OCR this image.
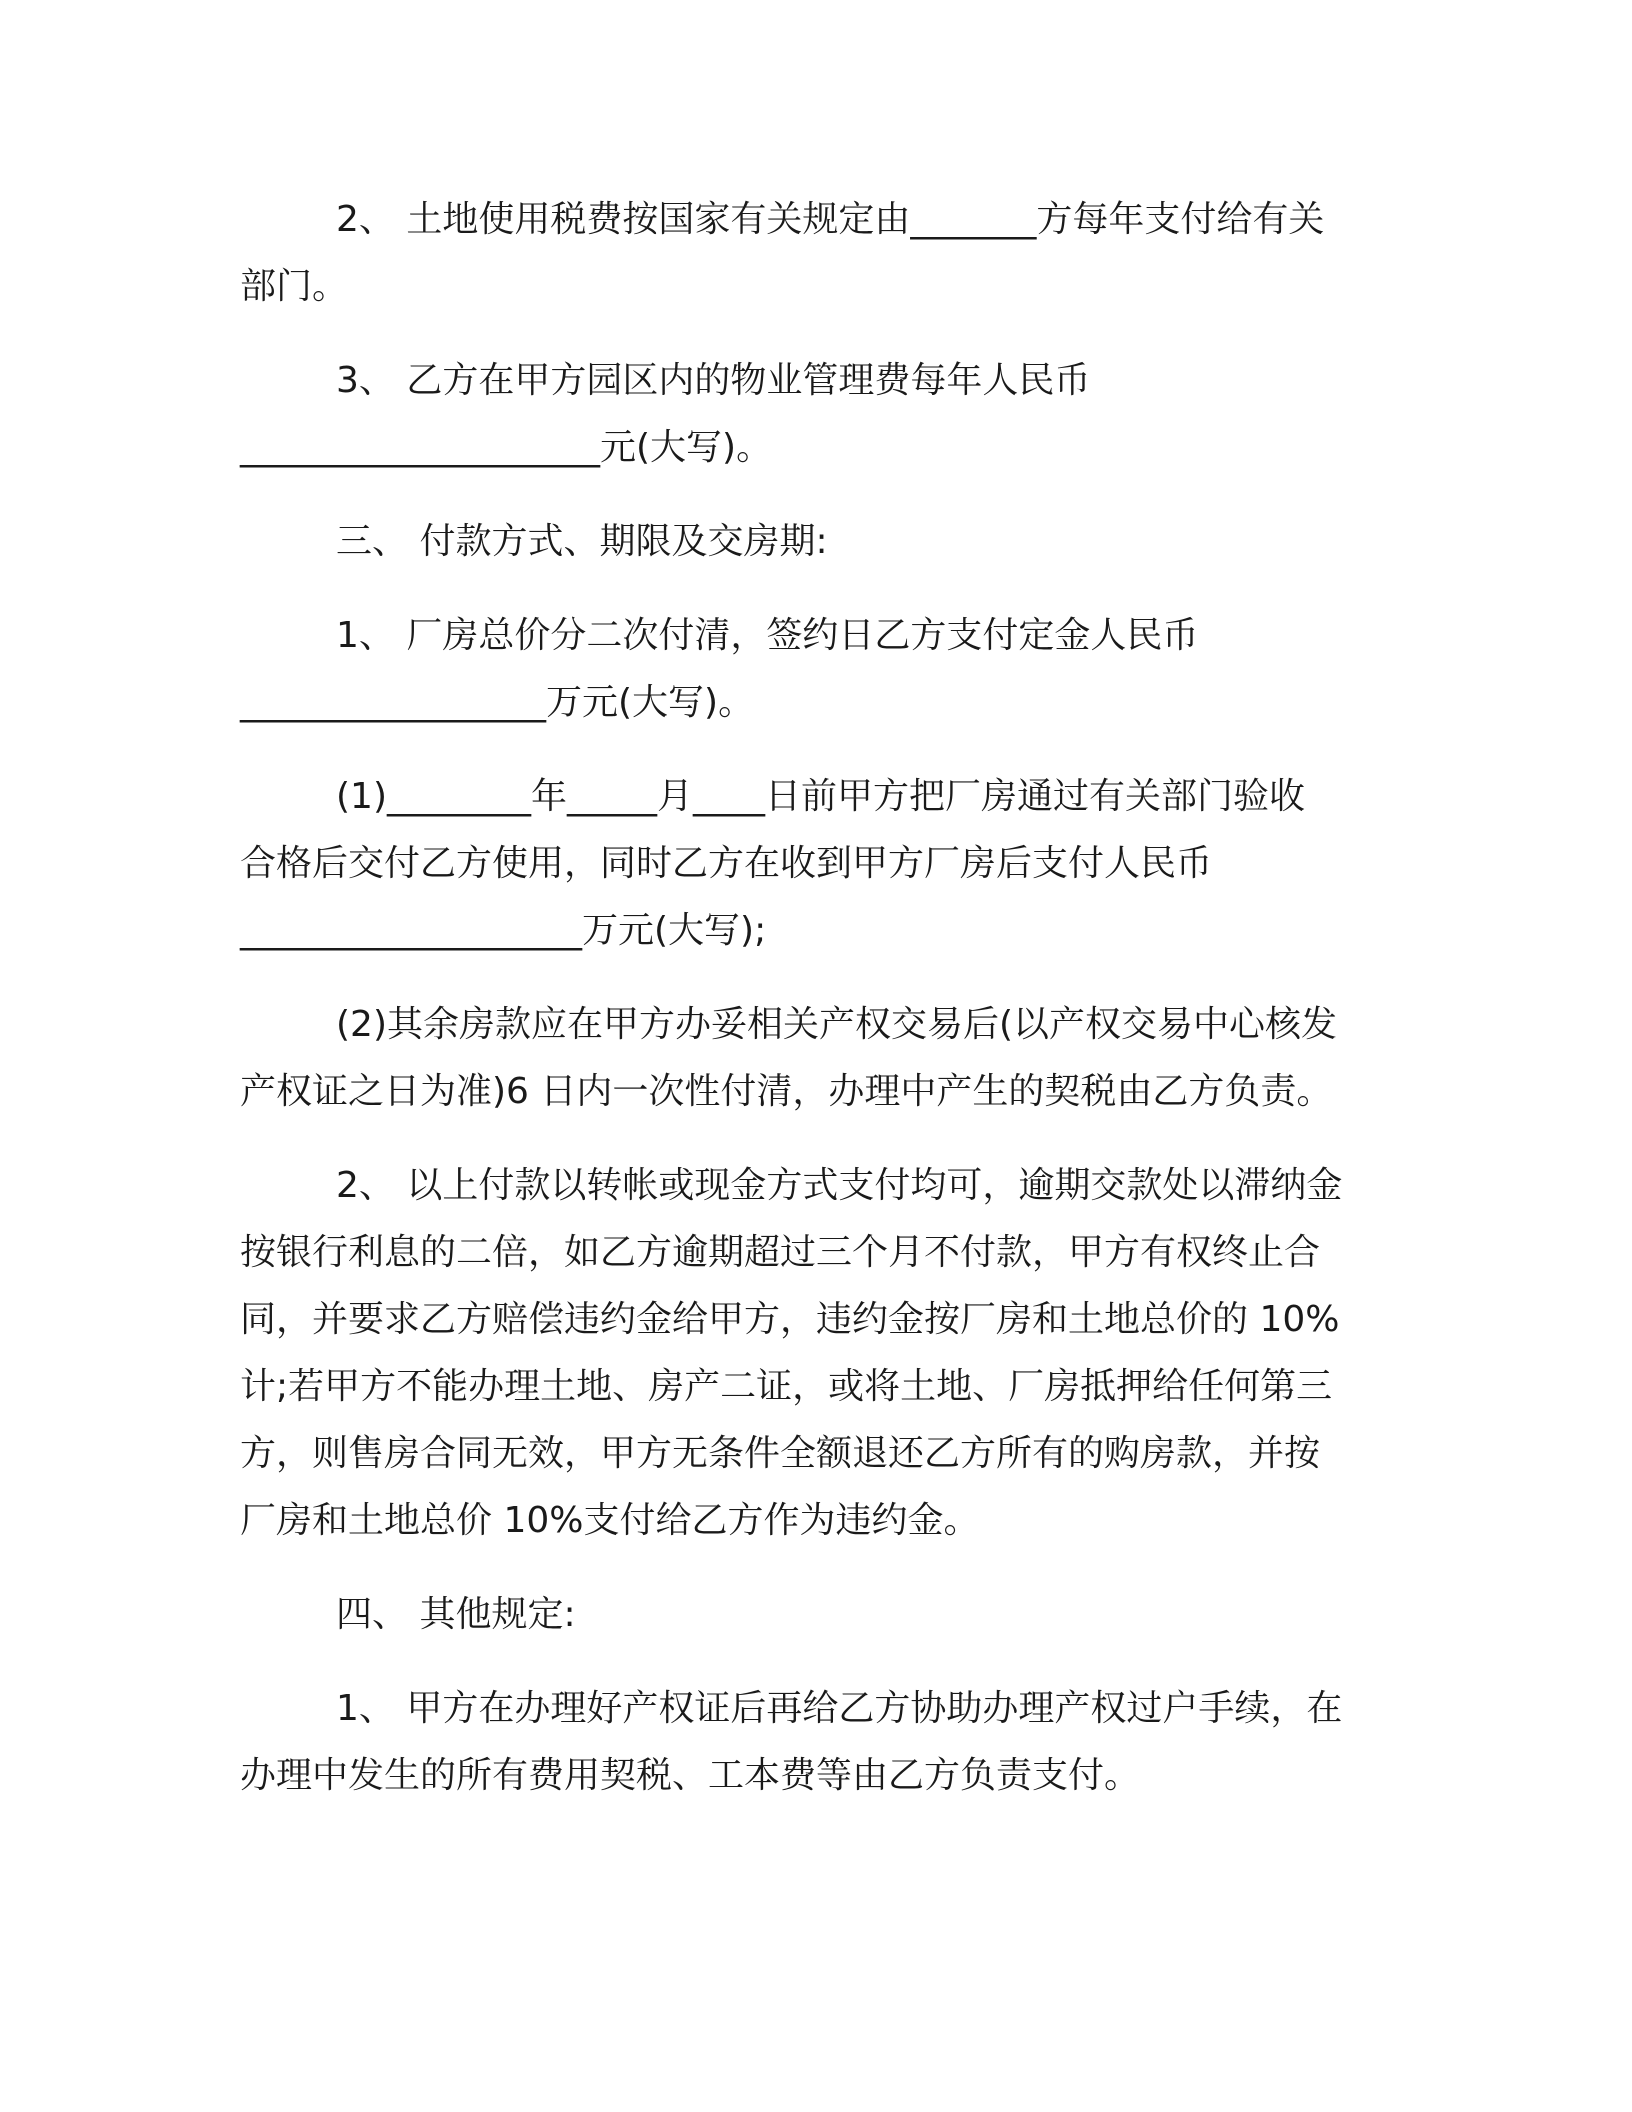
2、 土地使用税费按国家有关规定由_______方每年支付给有关
部门。

3、 乙方在甲方园区内的物业管理费每年人民币
____________________元(大写)。

三、 付款方式、期限及交房期:

1、 厂房总价分二次付清，签约日乙方支付定金人民币
_________________万元(大写)。

(1)________年_____月____日前甲方把厂房通过有关部门验收
合格后交付乙方使用，同时乙方在收到甲方厂房后支付人民币
___________________万元(大写);

(2)其余房款应在甲方办妥相关产权交易后(以产权交易中心核发
产权证之日为准)6 日内一次性付清，办理中产生的契税由乙方负责。

2、 以上付款以转帐或现金方式支付均可，逾期交款处以滞纳金
按银行利息的二倍，如乙方逾期超过三个月不付款，甲方有权终止合
同，并要求乙方赔偿违约金给甲方，违约金按厂房和土地总价的 10%
计;若甲方不能办理土地、房产二证，或将土地、厂房抵押给任何第三
方，则售房合同无效，甲方无条件全额退还乙方所有的购房款，并按
厂房和土地总价 10%支付给乙方作为违约金。

四、 其他规定:

1、 甲方在办理好产权证后再给乙方协助办理产权过户手续，在
办理中发生的所有费用契税、工本费等由乙方负责支付。
